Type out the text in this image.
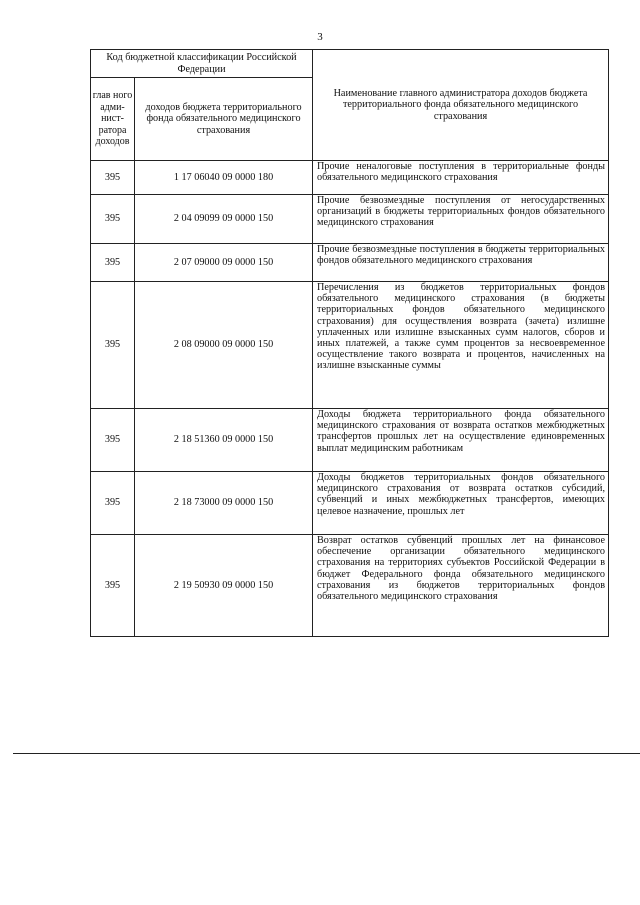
3
Код бюджетной классификации Российской Федерации		Наименование главного администратора доходов бюджета территориального фонда обязательного медицинского страхования
глав ного адми-нист-ратора доходов	доходов бюджета территориального фонда обязательного медицинского страхования	
395	1 17 06040 09 0000 180	Прочие неналоговые поступления в территориальные фонды обязательного медицинского страхования
395	2 04 09099 09 0000 150	Прочие безвозмездные поступления от негосударственных организаций в бюджеты территориальных фондов обязательного медицинского страхования
395	2 07 09000 09 0000 150	Прочие безвозмездные поступления в бюджеты территориальных фондов обязательного медицинского страхования
395	2 08 09000 09 0000 150	Перечисления из бюджетов территориальных фондов обязательного медицинского страхования (в бюджеты территориальных фондов обязательного медицинского страхования) для осуществления возврата (зачета) излишне уплаченных или излишне взысканных сумм налогов, сборов и иных платежей, а также сумм процентов за несвоевременное осуществление такого возврата и процентов, начисленных на излишне взысканные суммы
395	2 18 51360 09 0000 150	Доходы бюджета территориального фонда обязательного медицинского страхования от возврата остатков межбюджетных трансфертов прошлых лет на осуществление единовременных выплат медицинским работникам
395	2 18 73000 09 0000 150	Доходы бюджетов территориальных фондов обязательного медицинского страхования от возврата остатков субсидий, субвенций и иных межбюджетных трансфертов, имеющих целевое назначение, прошлых лет
395	2 19 50930 09 0000 150	Возврат остатков субвенций прошлых лет на финансовое обеспечение организации обязательного медицинского страхования на территориях субъектов Российской Федерации в бюджет Федерального фонда обязательного медицинского страхования из бюджетов территориальных фондов обязательного медицинского страхования
